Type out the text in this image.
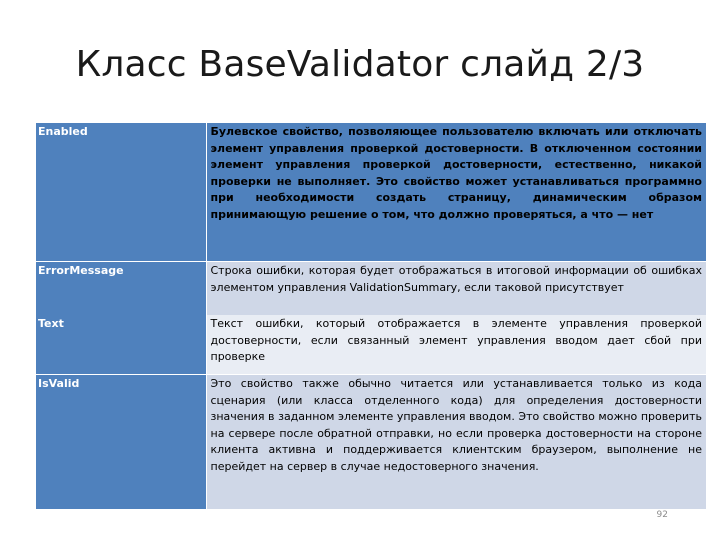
Класс BaseValidator слайд 2/3
Enabled	Булевское свойство, позволяющее пользователю включать или отключать элемент управления проверкой достоверности. В отключенном состоянии элемент управления проверкой достоверности, естественно, никакой проверки не выполняет. Это свойство может устанавливаться программно при необходимости создать страницу, динамическим образом принимающую решение о том, что должно проверяться, а что — нет
ErrorMessage	Строка ошибки, которая будет отображаться в итоговой информации об ошибках элементом управления ValidationSummary, если таковой присутствует
Text	Текст ошибки, который отображается в элементе управления проверкой достоверности, если связанный элемент управления вводом дает сбой при проверке
IsValid	Это свойство также обычно читается или устанавливается только из кода сценария (или класса отделенного кода) для определения достоверности значения в заданном элементе управления вводом. Это свойство можно проверить на сервере после обратной отправки, но если проверка достоверности на стороне клиента активна и поддерживается клиентским браузером, выполнение не перейдет на сервер в случае недостоверного значения.
92
